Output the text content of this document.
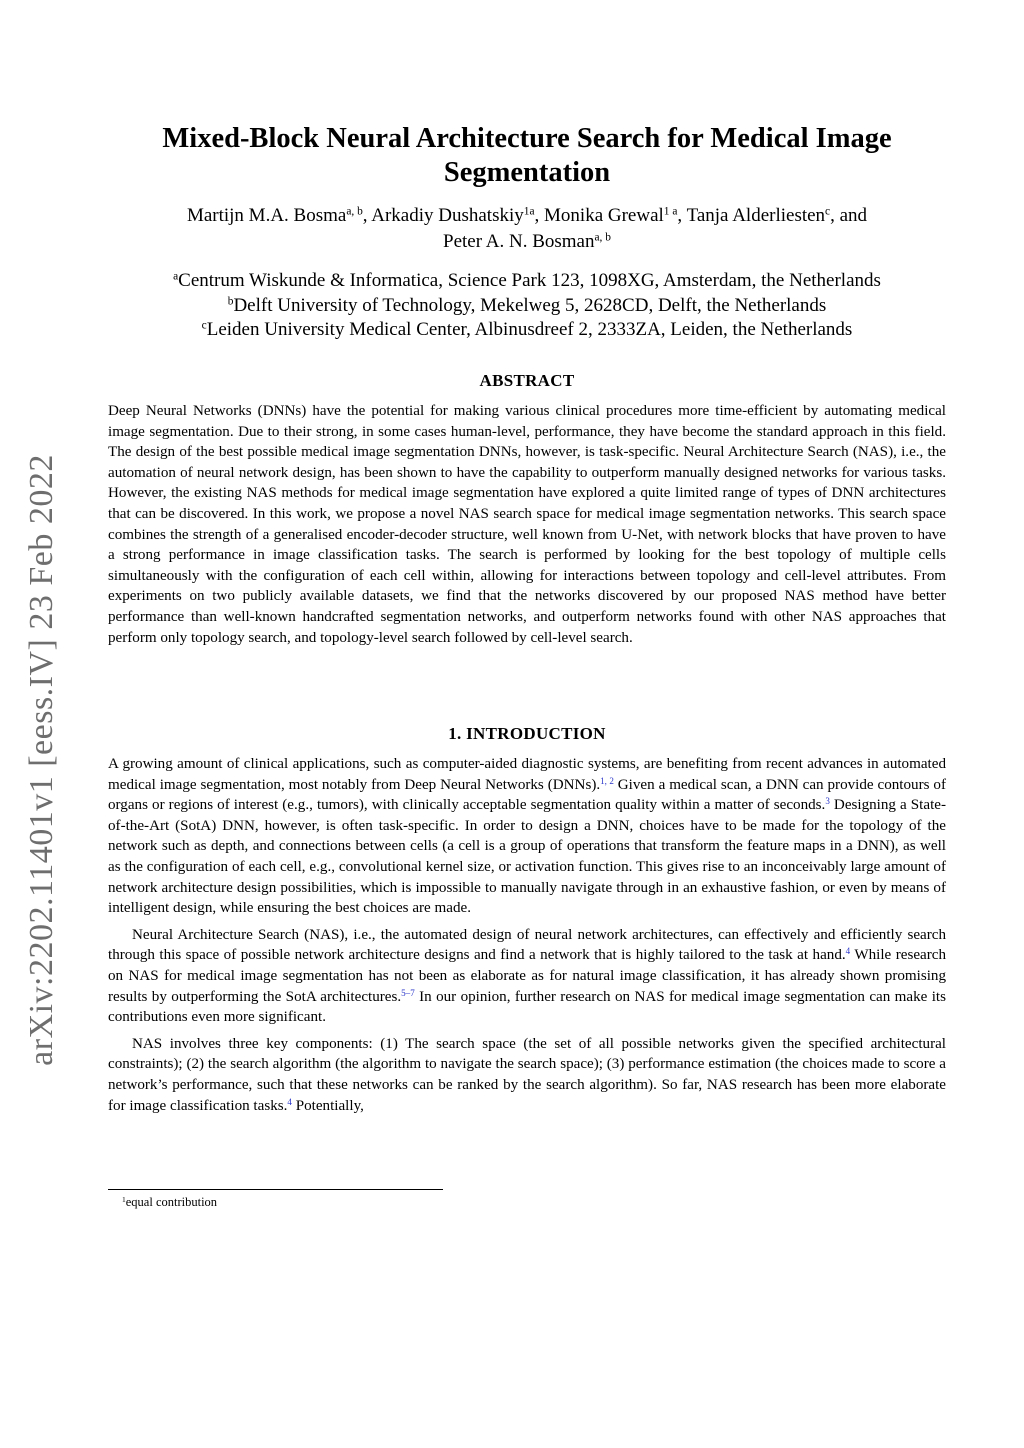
arXiv:2202.11401v1 [eess.IV] 23 Feb 2022
Mixed-Block Neural Architecture Search for Medical Image
Segmentation
Martijn M.A. Bosma$^{a, b}$, Arkadiy Dushatskiy$^{1a}$, Monika Grewal$^{1 a}$, Tanja Alderliesten$^c$, and
Peter A. N. Bosman$^{a, b}$
$^a$Centrum Wiskunde & Informatica, Science Park 123, 1098XG, Amsterdam, the Netherlands
$^b$Delft University of Technology, Mekelweg 5, 2628CD, Delft, the Netherlands
$^c$Leiden University Medical Center, Albinusdreef 2, 2333ZA, Leiden, the Netherlands
ABSTRACT

Deep Neural Networks (DNNs) have the potential for making various clinical procedures more time-efficient by automating medical image segmentation. Due to their strong, in some cases human-level, performance, they have become the standard approach in this field. The design of the best possible medical image segmentation DNNs, however, is task-specific. Neural Architecture Search (NAS), i.e., the automation of neural network design, has been shown to have the capability to outperform manually designed networks for various tasks. However, the existing NAS methods for medical image segmentation have explored a quite limited range of types of DNN architectures that can be discovered. In this work, we propose a novel NAS search space for medical image segmentation networks. This search space combines the strength of a generalised encoder-decoder structure, well known from U-Net, with network blocks that have proven to have a strong performance in image classification tasks. The search is performed by looking for the best topology of multiple cells simultaneously with the configuration of each cell within, allowing for interactions between topology and cell-level attributes. From experiments on two publicly available datasets, we find that the networks discovered by our proposed NAS method have better performance than well-known handcrafted segmentation networks, and outperform networks found with other NAS approaches that perform only topology search, and topology-level search followed by cell-level search.

1. INTRODUCTION

A growing amount of clinical applications, such as computer-aided diagnostic systems, are benefiting from recent advances in automated medical image segmentation, most notably from Deep Neural Networks (DNNs).$^{1, 2}$ Given a medical scan, a DNN can provide contours of organs or regions of interest (e.g., tumors), with clinically acceptable segmentation quality within a matter of seconds.$^3$ Designing a State-of-the-Art (SotA) DNN, however, is often task-specific. In order to design a DNN, choices have to be made for the topology of the network such as depth, and connections between cells (a cell is a group of operations that transform the feature maps in a DNN), as well as the configuration of each cell, e.g., convolutional kernel size, or activation function. This gives rise to an inconceivably large amount of network architecture design possibilities, which is impossible to manually navigate through in an exhaustive fashion, or even by means of intelligent design, while ensuring the best choices are made.

Neural Architecture Search (NAS), i.e., the automated design of neural network architectures, can effectively and efficiently search through this space of possible network architecture designs and find a network that is highly tailored to the task at hand.$^4$ While research on NAS for medical image segmentation has not been as elaborate as for natural image classification, it has already shown promising results by outperforming the SotA architectures.$^{5-7}$ In our opinion, further research on NAS for medical image segmentation can make its contributions even more significant.

NAS involves three key components: (1) The search space (the set of all possible networks given the specified architectural constraints); (2) the search algorithm (the algorithm to navigate the search space); (3) performance estimation (the choices made to score a network’s performance, such that these networks can be ranked by the search algorithm). So far, NAS research has been more elaborate for image classification tasks.$^4$ Potentially,

$^1$equal contribution
